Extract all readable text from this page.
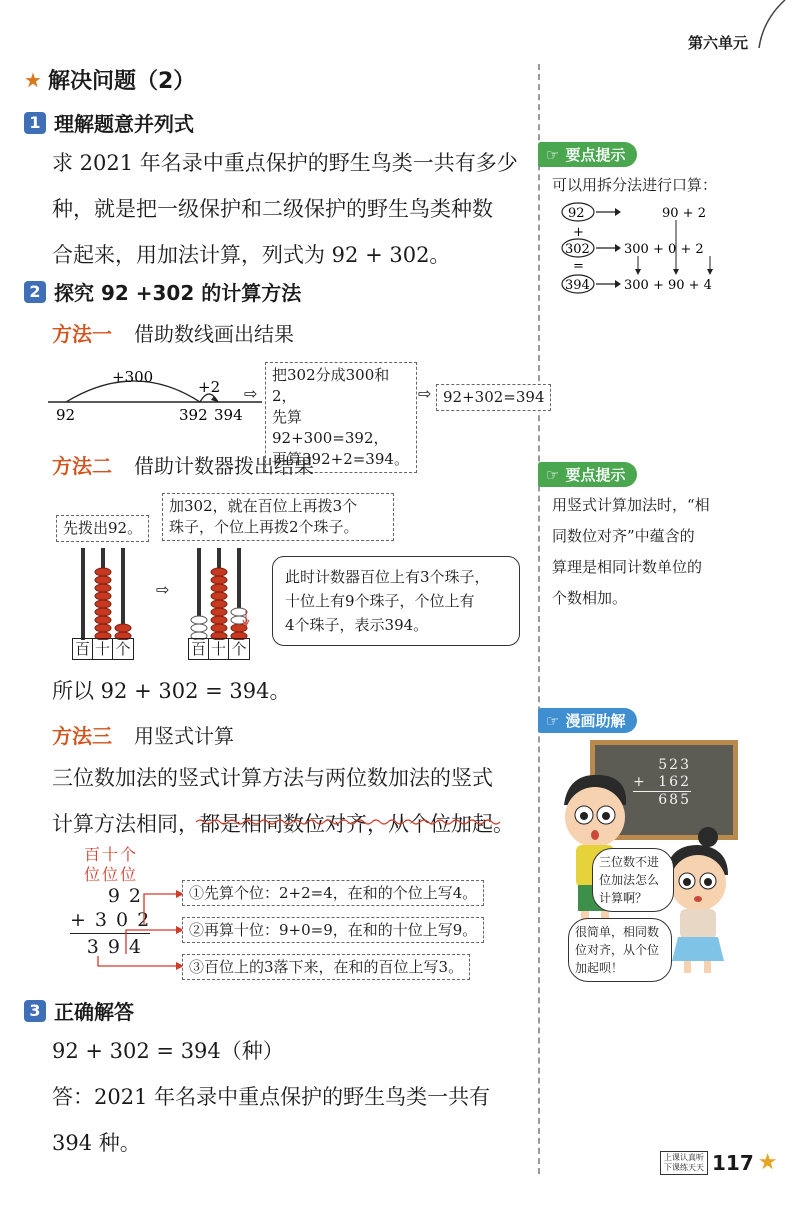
第六单元
★ 解决问题（2）
1 理解题意并列式
求 2021 年名录中重点保护的野生鸟类一共有多少
种，就是把一级保护和二级保护的野生鸟类种数
合起来，用加法计算，列式为 92 + 302。
2 探究 92 +302 的计算方法
方法一 借助数线画出结果
+300
+2
92	392 394
⇨
把302分成300和2，
先算92+300=392，
再算392+2=394。
⇨ 92+302=394
方法二 借助计数器拨出结果
先拨出92。
加302，就在百位上再拨3个
珠子，个位上再拨2个珠子。
百 十 个
⇨
百 十 个
此时计数器百位上有3个珠子，
十位上有9个珠子，个位上有
4个珠子，表示394。
所以 92 + 302 = 394。
方法三 用竖式计算
三位数加法的竖式计算方法与两位数加法的竖式
计算方法相同，都是相同数位对齐，从个位加起。
百十个
位位位
92
+ 302
394
①先算个位：2+2=4，在和的个位上写4。
②再算十位：9+0=9，在和的十位上写9。
③百位上的3落下来，在和的百位上写3。
3 正确解答
92 + 302 = 394（种）
答：2021 年名录中重点保护的野生鸟类一共有
394 种。
☞ 要点提示
可以用拆分法进行口算：
92	90 + 2
+
302	300 + 0 + 2
=
394	300 + 90 + 4
☞ 要点提示
用竖式计算加法时，“相
同数位对齐”中蕴含的
算理是相同计数单位的
个数相加。
☞ 漫画助解
523
+ 162
685
三位数不进
位加法怎么
计算啊？
很简单，相同数
位对齐，从个位
加起呗！
上课认真听
下课练天天 117 ★
